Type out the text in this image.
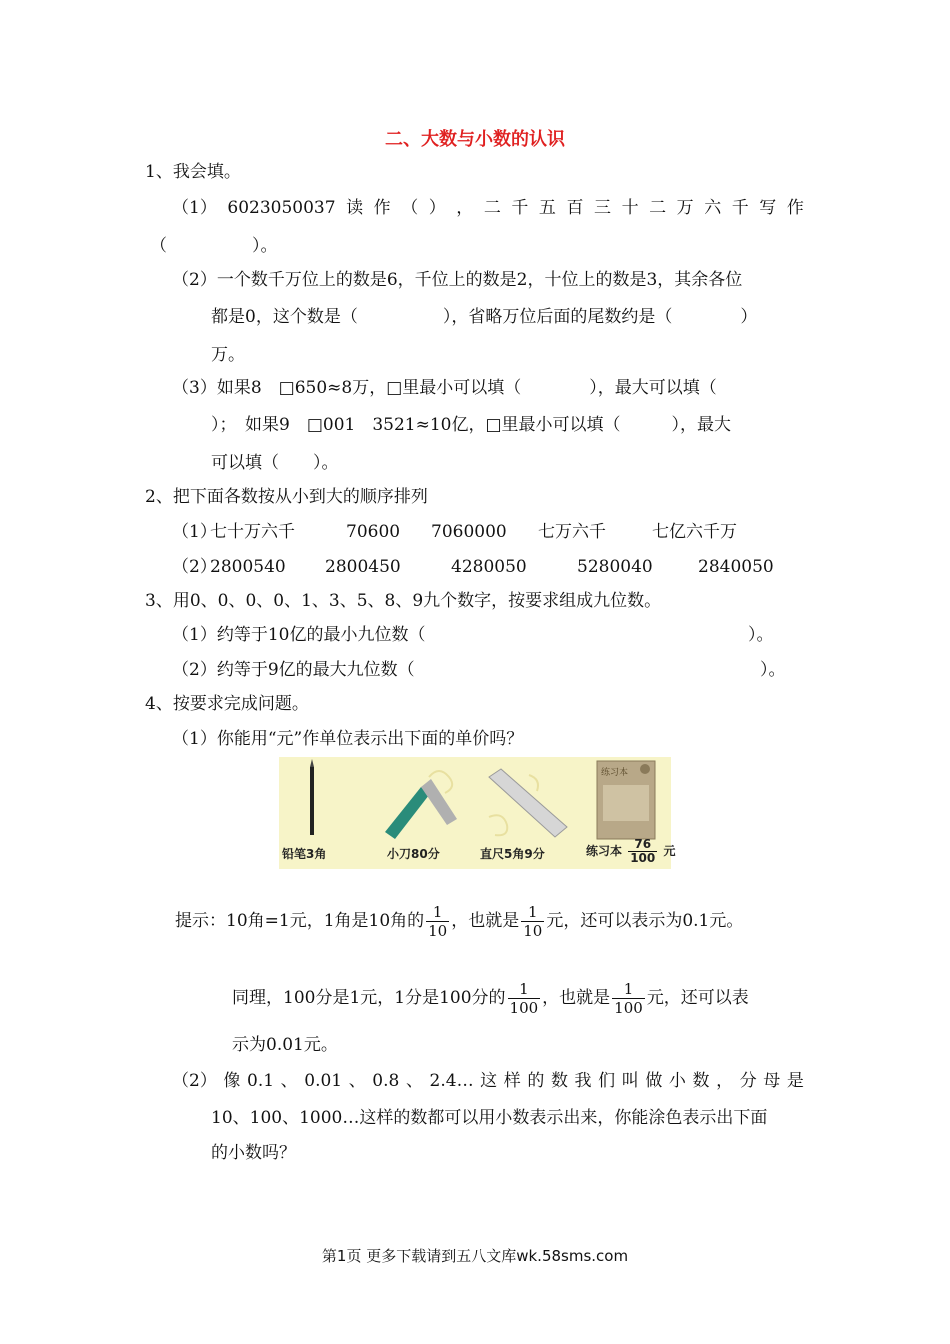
二、大数与小数的认识
1、我会填。
（1） 6023050037 读 作 （ ） ， 二 千 五 百 三 十 二 万 六 千 写 作
（　　　　　）。
（2）一个数千万位上的数是6，千位上的数是2，十位上的数是3，其余各位
都是0，这个数是（　　　　　），省略万位后面的尾数约是（　　　　）
万。
（3）如果8　□650≈8万，□里最小可以填（　　　　），最大可以填（
）；　如果9　□001　3521≈10亿，□里最小可以填（　　　），最大
可以填（　　）。
2、把下面各数按从小到大的顺序排列
（1）
七十万六千	70600 7060000 七万六千	七亿六千万
（2）
2800540 2800450	4280050	5280040	2840050
3、用0、0、0、0、1、3、5、8、9九个数字，按要求组成九位数。
（1）约等于10亿的最小九位数（	）。
（2）约等于9亿的最大九位数（	）。
4、按要求完成问题。
（1）你能用“元”作单位表示出下面的单价吗？
练习本
铅笔3角	小刀80分	直尺5角9分	练习本 $\frac{76}{100}$ 元
提示：10角=1元，1角是10角的 $\frac{1}{10}$ ，也就是 $\frac{1}{10}$ 元，还可以表示为0.1元。
同理，100分是1元，1分是100分的 $\frac{1}{100}$ ，也就是 $\frac{1}{100}$ 元，还可以表
示为0.01元。
（2） 像 0.1 、 0.01 、 0.8 、 2.4… 这 样 的 数 我 们 叫 做 小 数 ， 分 母 是
10、100、1000…这样的数都可以用小数表示出来，你能涂色表示出下面
的小数吗？
第1页 更多下载请到五八文库wk.58sms.com
